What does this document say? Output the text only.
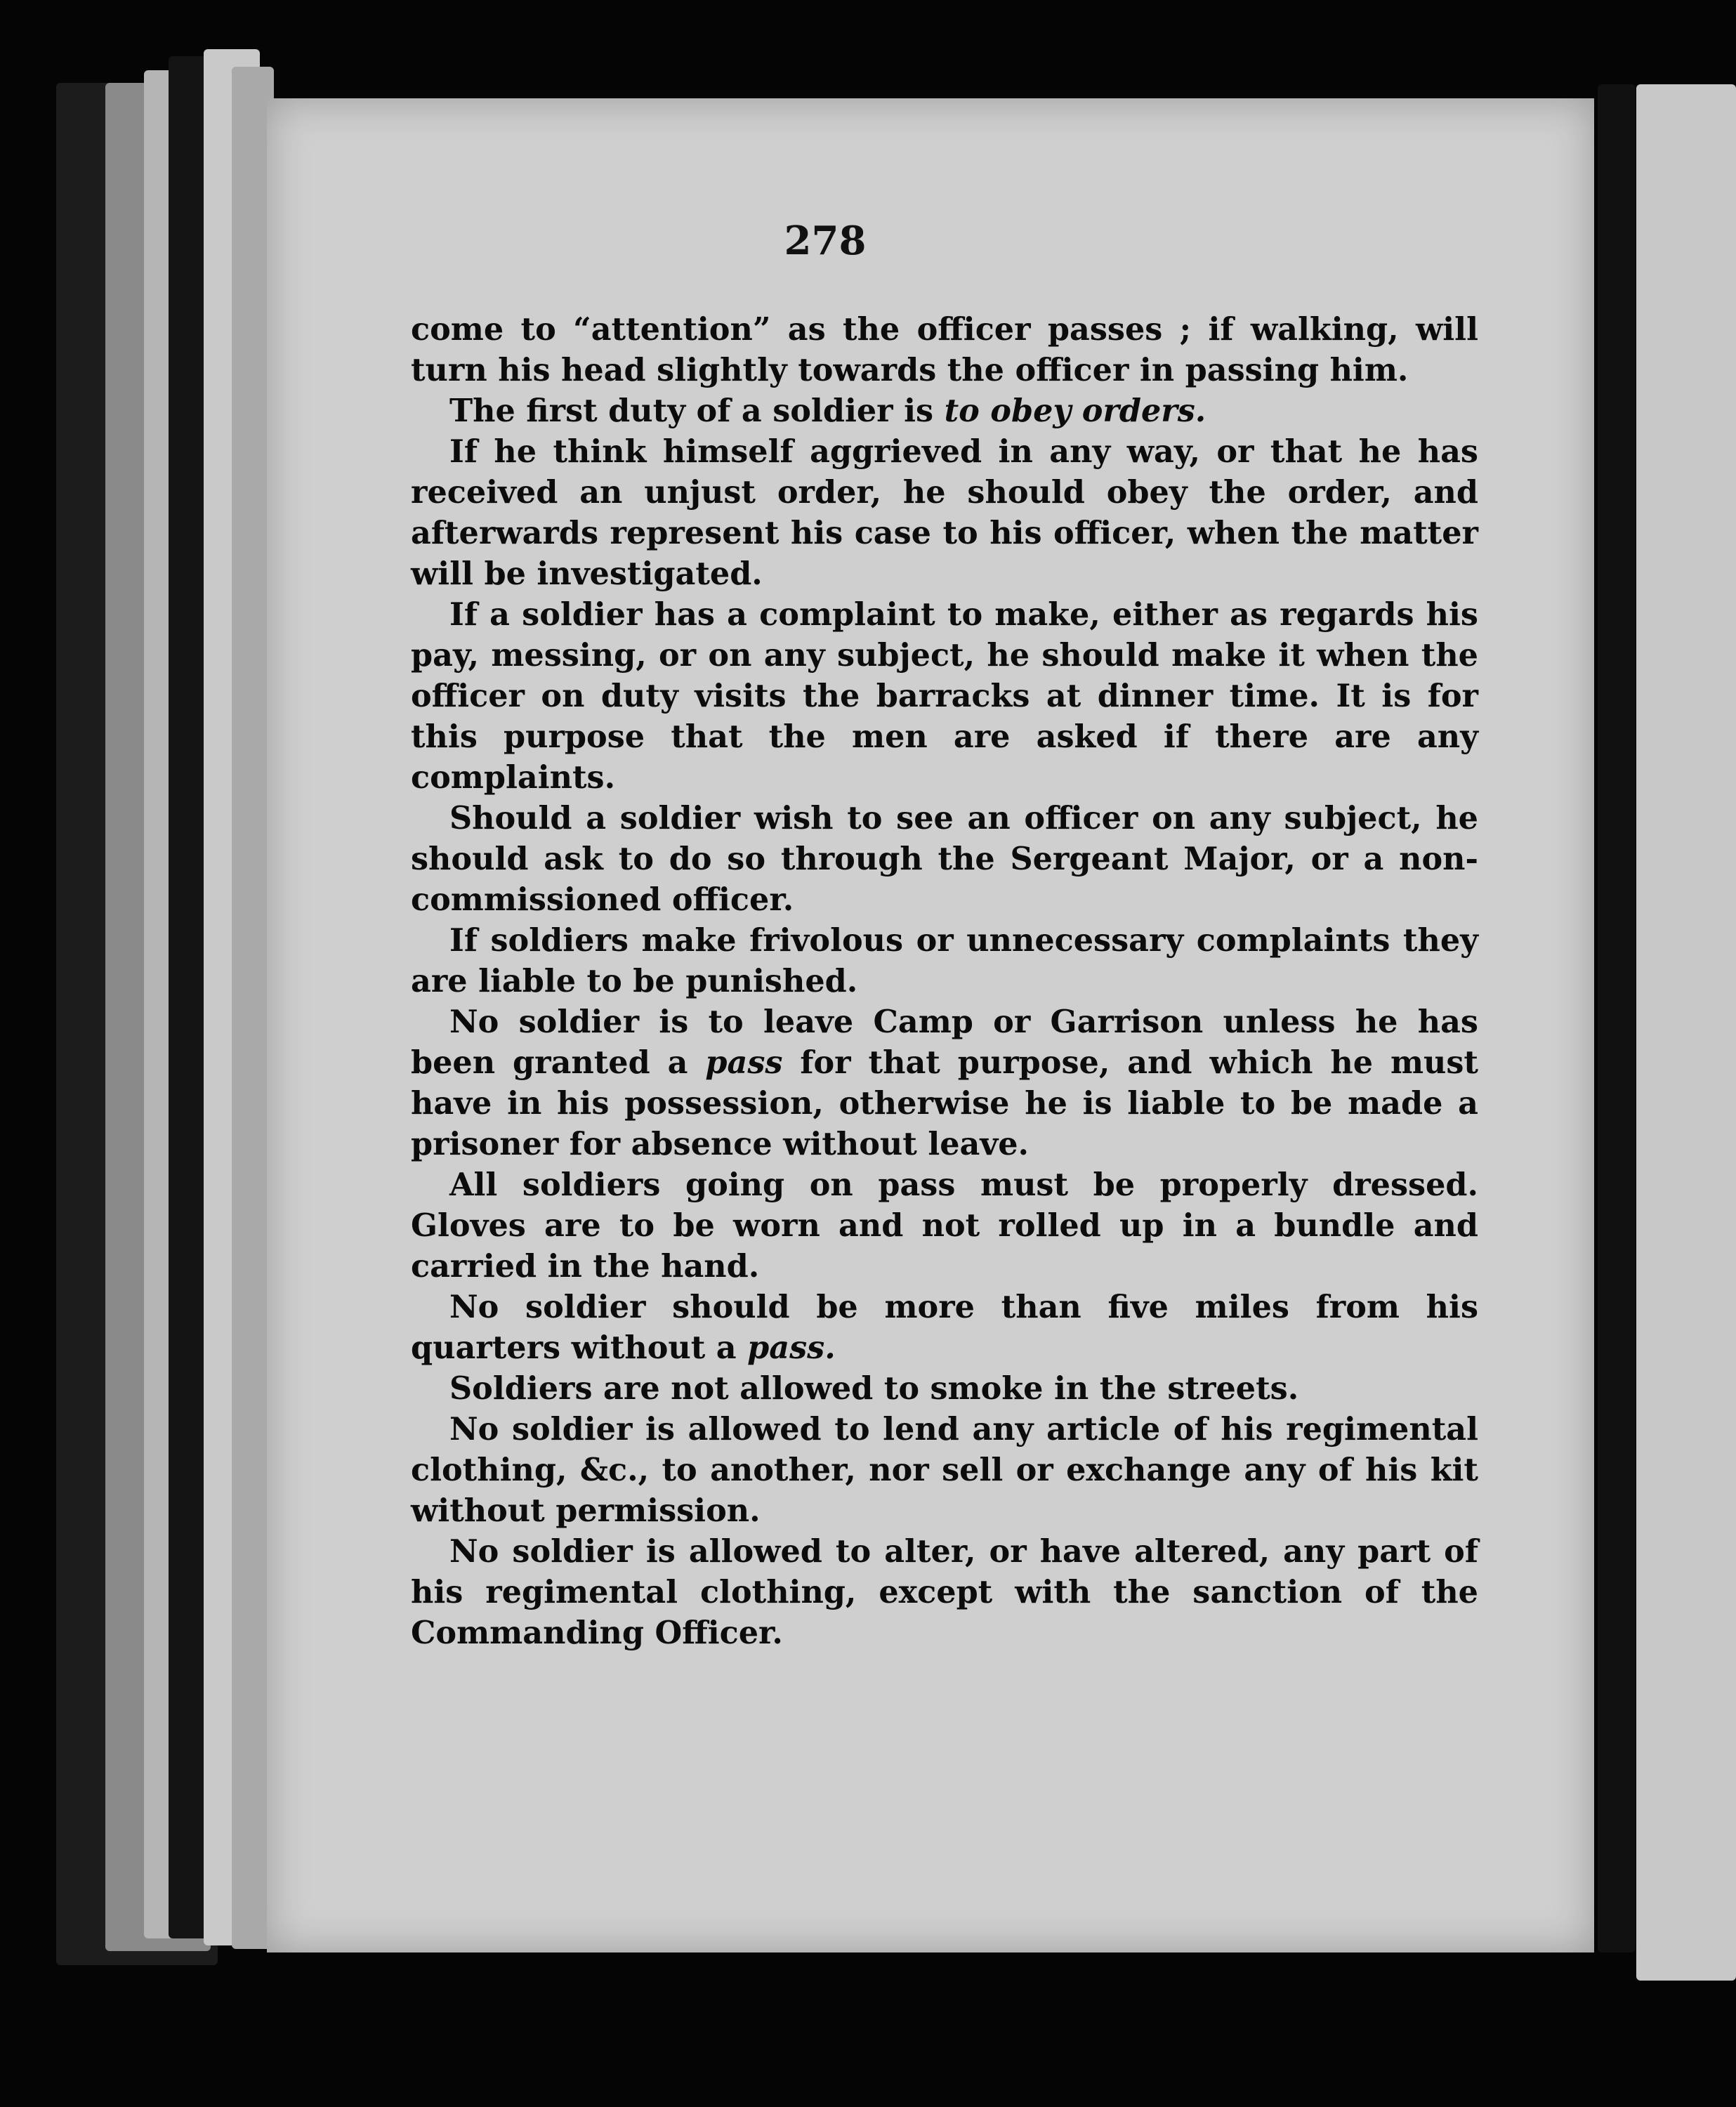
278

come to “attention” as the officer passes ; if walking, will turn his head slightly towards the officer in passing him.

The first duty of a soldier is to obey orders.

If he think himself aggrieved in any way, or that he has received an unjust order, he should obey the order, and afterwards represent his case to his officer, when the matter will be investigated.

If a soldier has a complaint to make, either as regards his pay, messing, or on any subject, he should make it when the officer on duty visits the barracks at dinner time. It is for this purpose that the men are asked if there are any complaints.

Should a soldier wish to see an officer on any subject, he should ask to do so through the Sergeant Major, or a non-commissioned officer.

If soldiers make frivolous or unnecessary complaints they are liable to be punished.

No soldier is to leave Camp or Garrison unless he has been granted a pass for that purpose, and which he must have in his possession, otherwise he is liable to be made a prisoner for absence without leave.

All soldiers going on pass must be properly dressed. Gloves are to be worn and not rolled up in a bundle and carried in the hand.

No soldier should be more than five miles from his quarters without a pass.

Soldiers are not allowed to smoke in the streets.

No soldier is allowed to lend any article of his regimental clothing, &c., to another, nor sell or exchange any of his kit without permission.

No soldier is allowed to alter, or have altered, any part of his regimental clothing, except with the sanction of the Commanding Officer.
